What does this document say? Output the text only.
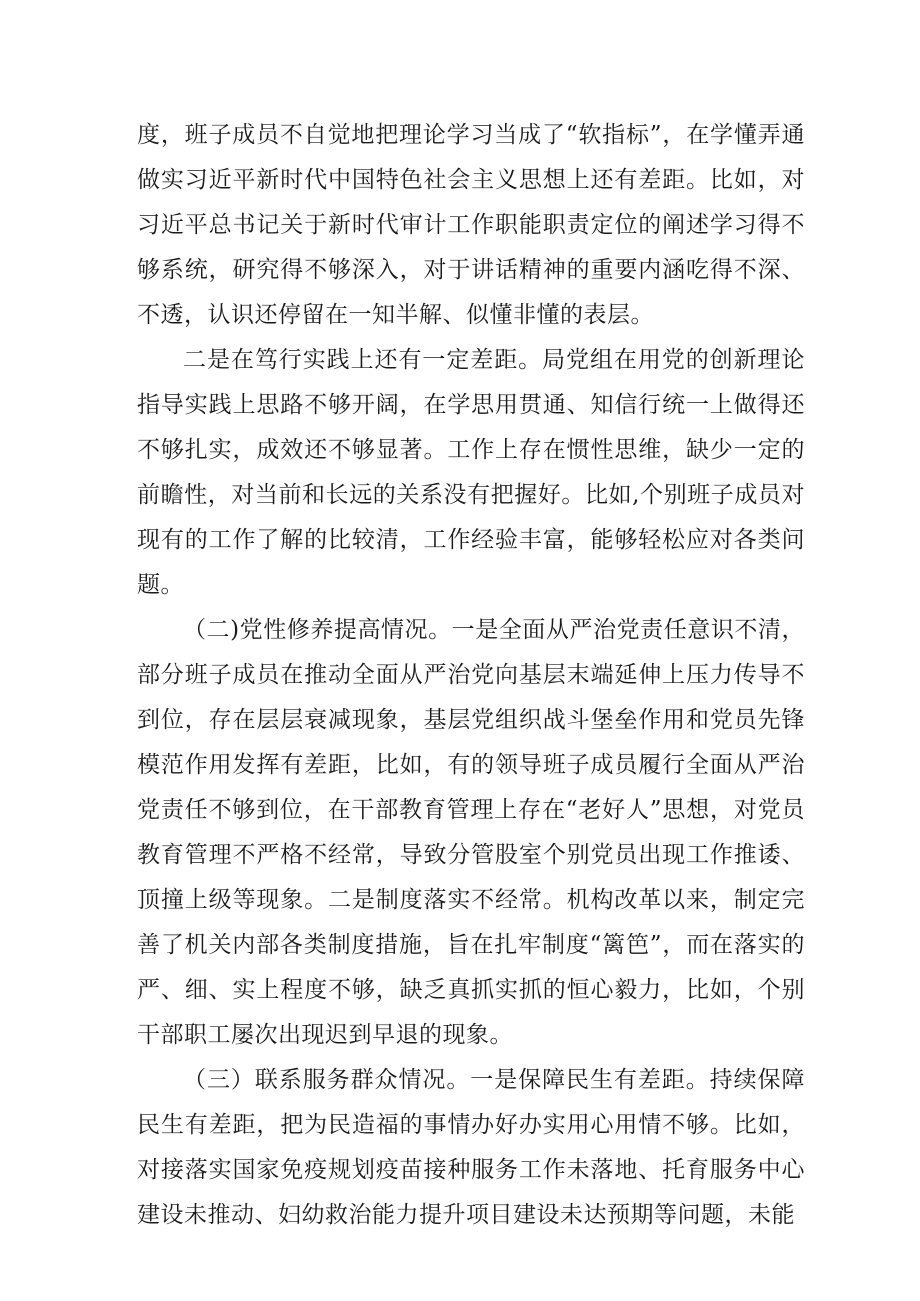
度，班子成员不自觉地把理论学习当成了“软指标”，在学懂弄通做实习近平新时代中国特色社会主义思想上还有差距。比如，对习近平总书记关于新时代审计工作职能职责定位的阐述学习得不够系统，研究得不够深入，对于讲话精神的重要内涵吃得不深、不透，认识还停留在一知半解、似懂非懂的表层。

二是在笃行实践上还有一定差距。局党组在用党的创新理论指导实践上思路不够开阔，在学思用贯通、知信行统一上做得还不够扎实，成效还不够显著。工作上存在惯性思维，缺少一定的前瞻性，对当前和长远的关系没有把握好。比如,个别班子成员对现有的工作了解的比较清，工作经验丰富，能够轻松应对各类问题。

（二)党性修养提高情况。一是全面从严治党责任意识不清，部分班子成员在推动全面从严治党向基层末端延伸上压力传导不到位，存在层层衰减现象，基层党组织战斗堡垒作用和党员先锋模范作用发挥有差距，比如，有的领导班子成员履行全面从严治党责任不够到位，在干部教育管理上存在“老好人”思想，对党员教育管理不严格不经常，导致分管股室个别党员出现工作推诿、顶撞上级等现象。二是制度落实不经常。机构改革以来，制定完善了机关内部各类制度措施，旨在扎牢制度“篱笆”，而在落实的严、细、实上程度不够，缺乏真抓实抓的恒心毅力，比如，个别干部职工屡次出现迟到早退的现象。

（三）联系服务群众情况。一是保障民生有差距。持续保障民生有差距，把为民造福的事情办好办实用心用情不够。比如，对接落实国家免疫规划疫苗接种服务工作未落地、托育服务中心建设未推动、妇幼救治能力提升项目建设未达预期等问题，未能
